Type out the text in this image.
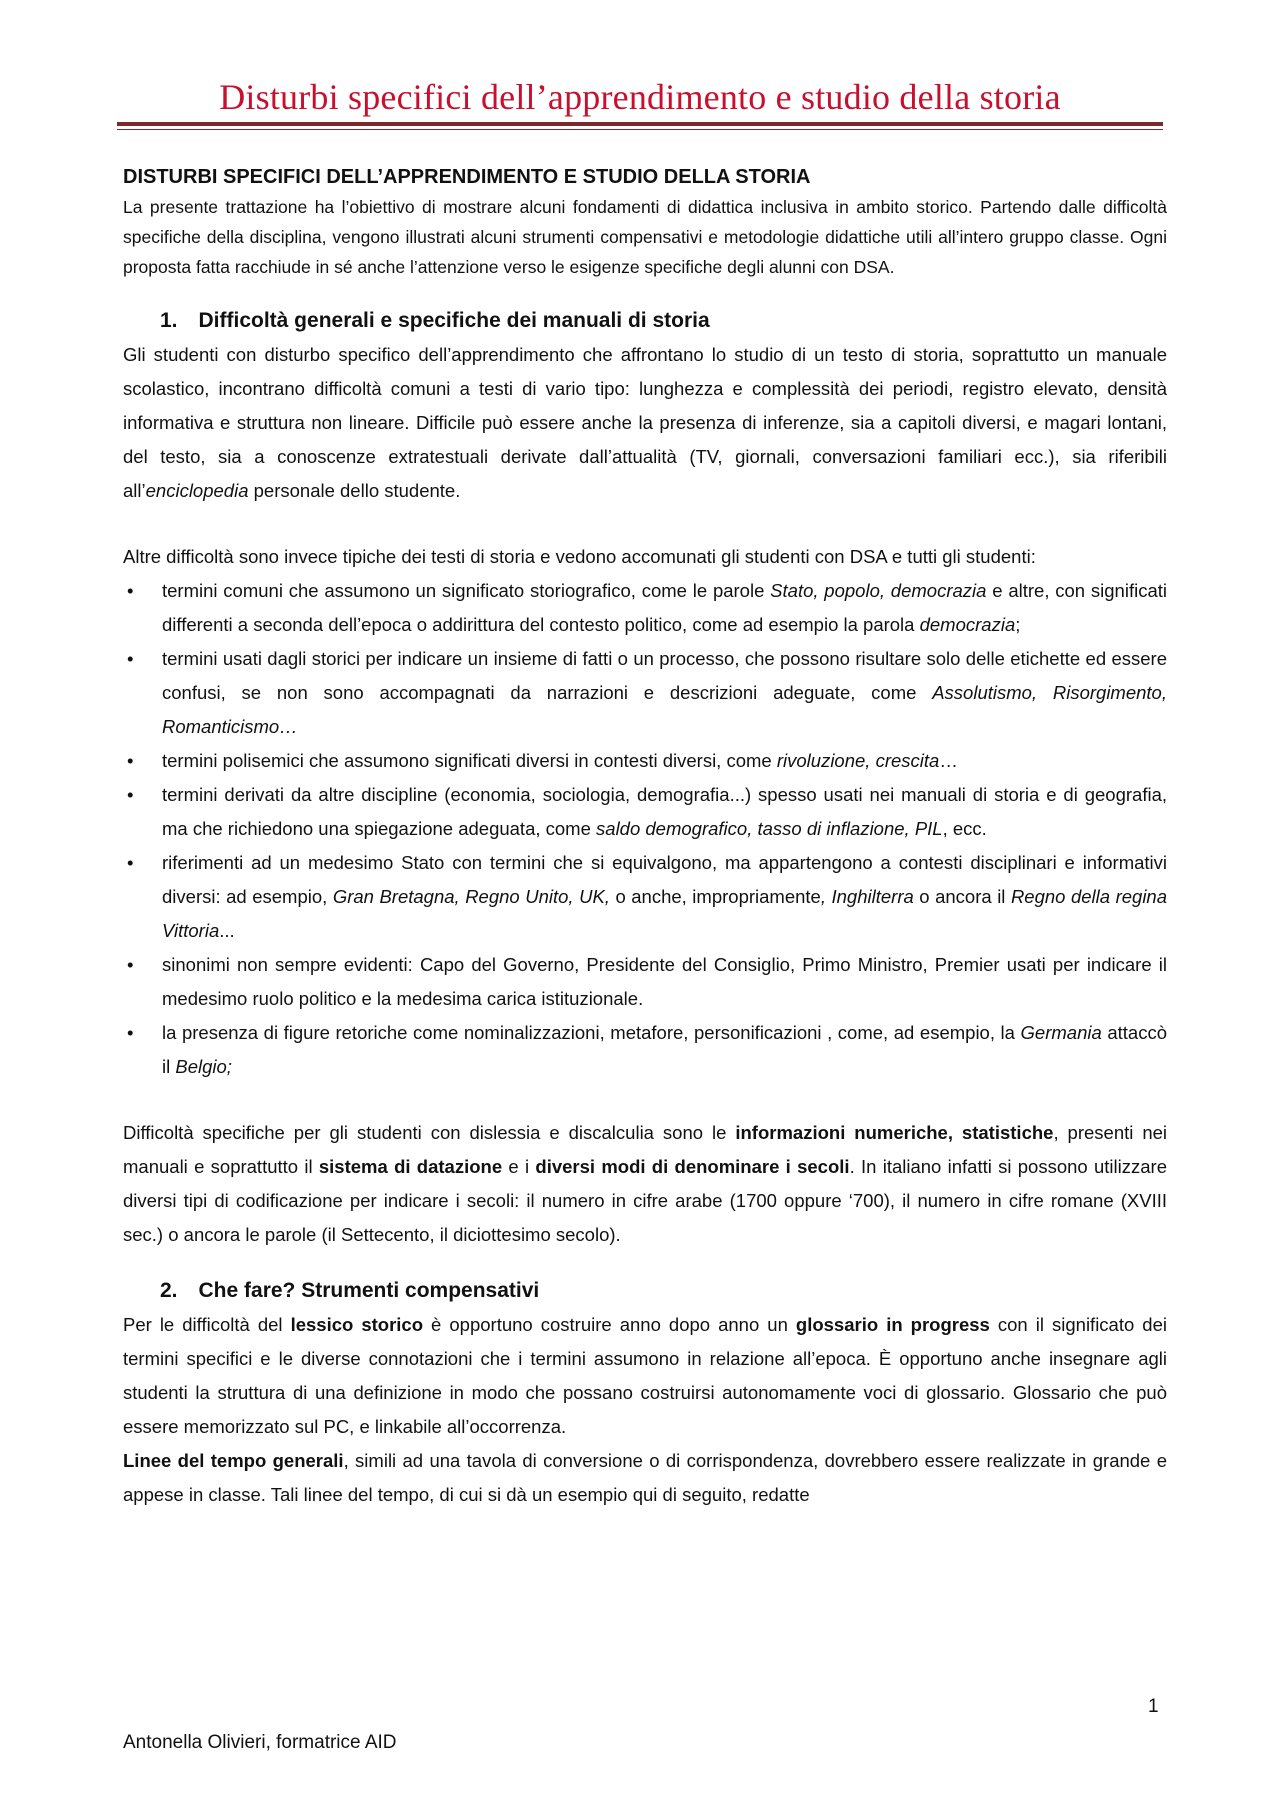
Disturbi specifici dell’apprendimento e studio della storia

DISTURBI SPECIFICI DELL’APPRENDIMENTO E STUDIO DELLA STORIA

La presente trattazione ha l’obiettivo di mostrare alcuni fondamenti di didattica inclusiva in ambito storico. Partendo dalle difficoltà specifiche della disciplina, vengono illustrati alcuni strumenti compensativi e metodologie didattiche utili all’intero gruppo classe. Ogni proposta fatta racchiude in sé anche l’attenzione verso le esigenze specifiche degli alunni con DSA.

1. Difficoltà generali e specifiche dei manuali di storia

Gli studenti con disturbo specifico dell’apprendimento che affrontano lo studio di un testo di storia, soprattutto un manuale scolastico, incontrano difficoltà comuni a testi di vario tipo: lunghezza e complessità dei periodi, registro elevato, densità informativa e struttura non lineare. Difficile può essere anche la presenza di inferenze, sia a capitoli diversi, e magari lontani, del testo, sia a conoscenze extratestuali derivate dall’attualità (TV, giornali, conversazioni familiari ecc.), sia riferibili all’enciclopedia personale dello studente.

Altre difficoltà sono invece tipiche dei testi di storia e vedono accomunati gli studenti con DSA e tutti gli studenti:

• termini comuni che assumono un significato storiografico, come le parole Stato, popolo, democrazia e altre, con significati differenti a seconda dell’epoca o addirittura del contesto politico, come ad esempio la parola democrazia;
• termini usati dagli storici per indicare un insieme di fatti o un processo, che possono risultare solo delle etichette ed essere confusi, se non sono accompagnati da narrazioni e descrizioni adeguate, come Assolutismo, Risorgimento, Romanticismo…
• termini polisemici che assumono significati diversi in contesti diversi, come rivoluzione, crescita…
• termini derivati da altre discipline (economia, sociologia, demografia...) spesso usati nei manuali di storia e di geografia, ma che richiedono una spiegazione adeguata, come saldo demografico, tasso di inflazione, PIL, ecc.
• riferimenti ad un medesimo Stato con termini che si equivalgono, ma appartengono a contesti disciplinari e informativi diversi: ad esempio, Gran Bretagna, Regno Unito, UK, o anche, impropriamente, Inghilterra o ancora il Regno della regina Vittoria...
• sinonimi non sempre evidenti: Capo del Governo, Presidente del Consiglio, Primo Ministro, Premier usati per indicare il medesimo ruolo politico e la medesima carica istituzionale.
• la presenza di figure retoriche come nominalizzazioni, metafore, personificazioni , come, ad esempio, la Germania attaccò il Belgio;

Difficoltà specifiche per gli studenti con dislessia e discalculia sono le informazioni numeriche, statistiche, presenti nei manuali e soprattutto il sistema di datazione e i diversi modi di denominare i secoli. In italiano infatti si possono utilizzare diversi tipi di codificazione per indicare i secoli: il numero in cifre arabe (1700 oppure ‘700), il numero in cifre romane (XVIII sec.) o ancora le parole (il Settecento, il diciottesimo secolo).

2. Che fare? Strumenti compensativi

Per le difficoltà del lessico storico è opportuno costruire anno dopo anno un glossario in progress con il significato dei termini specifici e le diverse connotazioni che i termini assumono in relazione all’epoca. È opportuno anche insegnare agli studenti la struttura di una definizione in modo che possano costruirsi autonomamente voci di glossario. Glossario che può essere memorizzato sul PC, e linkabile all’occorrenza.

Linee del tempo generali, simili ad una tavola di conversione o di corrispondenza, dovrebbero essere realizzate in grande e appese in classe. Tali linee del tempo, di cui si dà un esempio qui di seguito, redatte

1
Antonella Olivieri, formatrice AID
